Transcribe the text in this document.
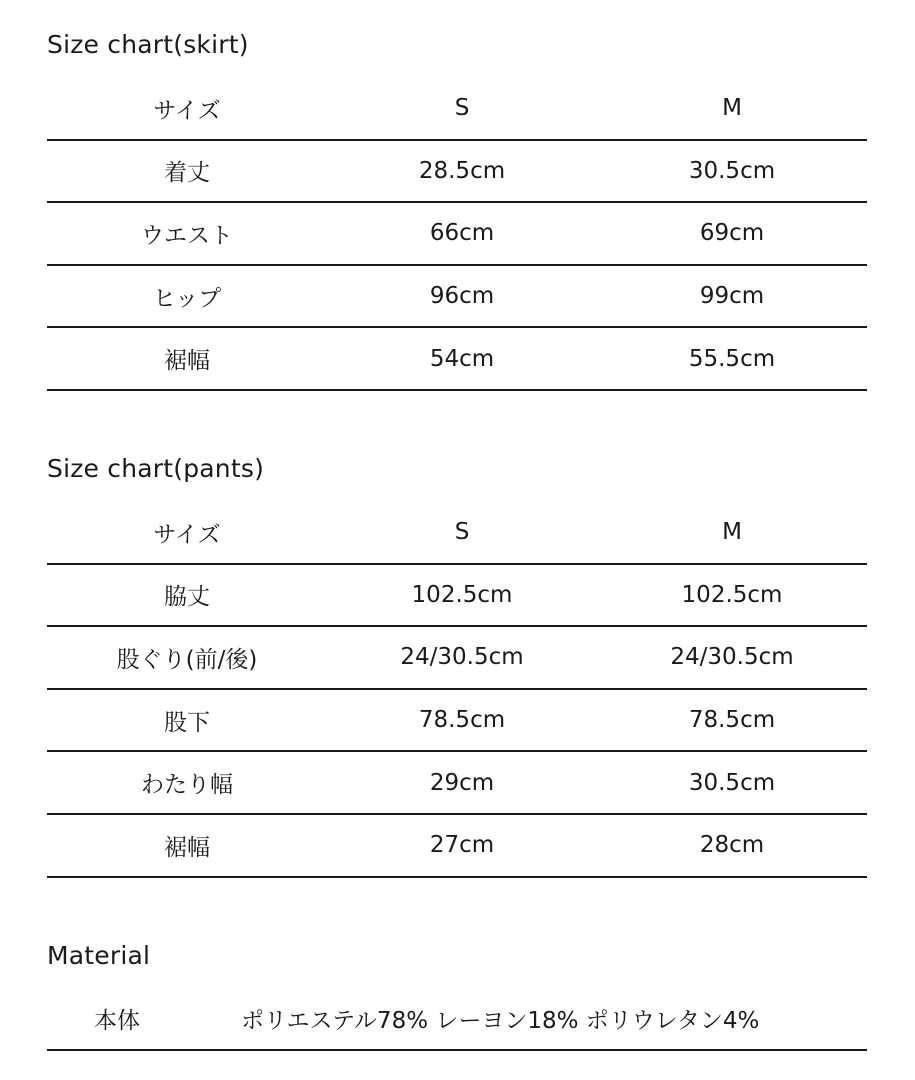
Size chart(skirt)
サイズ	S	M
着丈	28.5cm	30.5cm
ウエスト	66cm	69cm
ヒップ	96cm	99cm
裾幅	54cm	55.5cm
Size chart(pants)
サイズ	S	M
脇丈	102.5cm	102.5cm
股ぐり(前/後)	24/30.5cm	24/30.5cm
股下	78.5cm	78.5cm
わたり幅	29cm	30.5cm
裾幅	27cm	28cm
Material
本体	ポリエステル78% レーヨン18% ポリウレタン4%
